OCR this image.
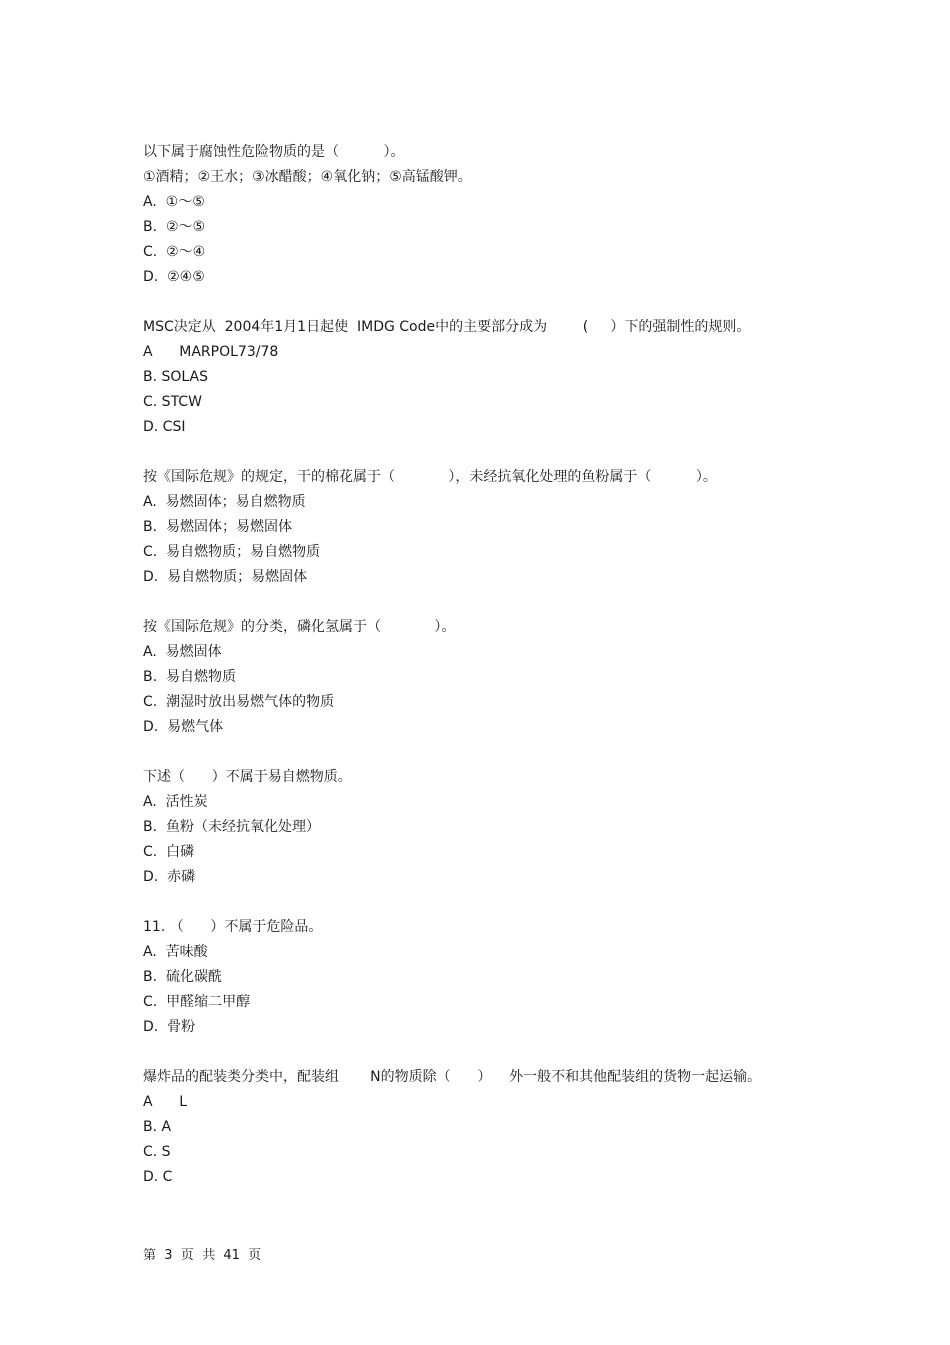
以下属于腐蚀性危险物质的是（          ）。
①酒精；②王水；③冰醋酸；④氧化钠；⑤高锰酸钾。
A.  ①～⑤
B.  ②～⑤
C.  ②～④
D.  ②④⑤
MSC决定从  2004年1月1日起使  IMDG Code中的主要部分成为        (     ）下的强制性的规则。
A      MARPOL73/78
B. SOLAS
C. STCW
D. CSI
按《国际危规》的规定，干的棉花属于（            ），未经抗氧化处理的鱼粉属于（          ）。
A.  易燃固体；易自燃物质
B.  易燃固体；易燃固体
C.  易自燃物质；易自燃物质
D.  易自燃物质；易燃固体
按《国际危规》的分类，磷化氢属于（            ）。
A.  易燃固体
B.  易自燃物质
C.  潮湿时放出易燃气体的物质
D.  易燃气体
下述（      ）不属于易自燃物质。
A.  活性炭
B.  鱼粉（未经抗氧化处理）
C.  白磷
D.  赤磷
11. （      ）不属于危险品。
A.  苦味酸
B.  硫化碳酰
C.  甲醛缩二甲醇
D.  骨粉
爆炸品的配装类分类中，配装组       N的物质除（      ）    外一般不和其他配装组的货物一起运输。
A      L
B. A
C. S
D. C
第  3  页  共  41  页
